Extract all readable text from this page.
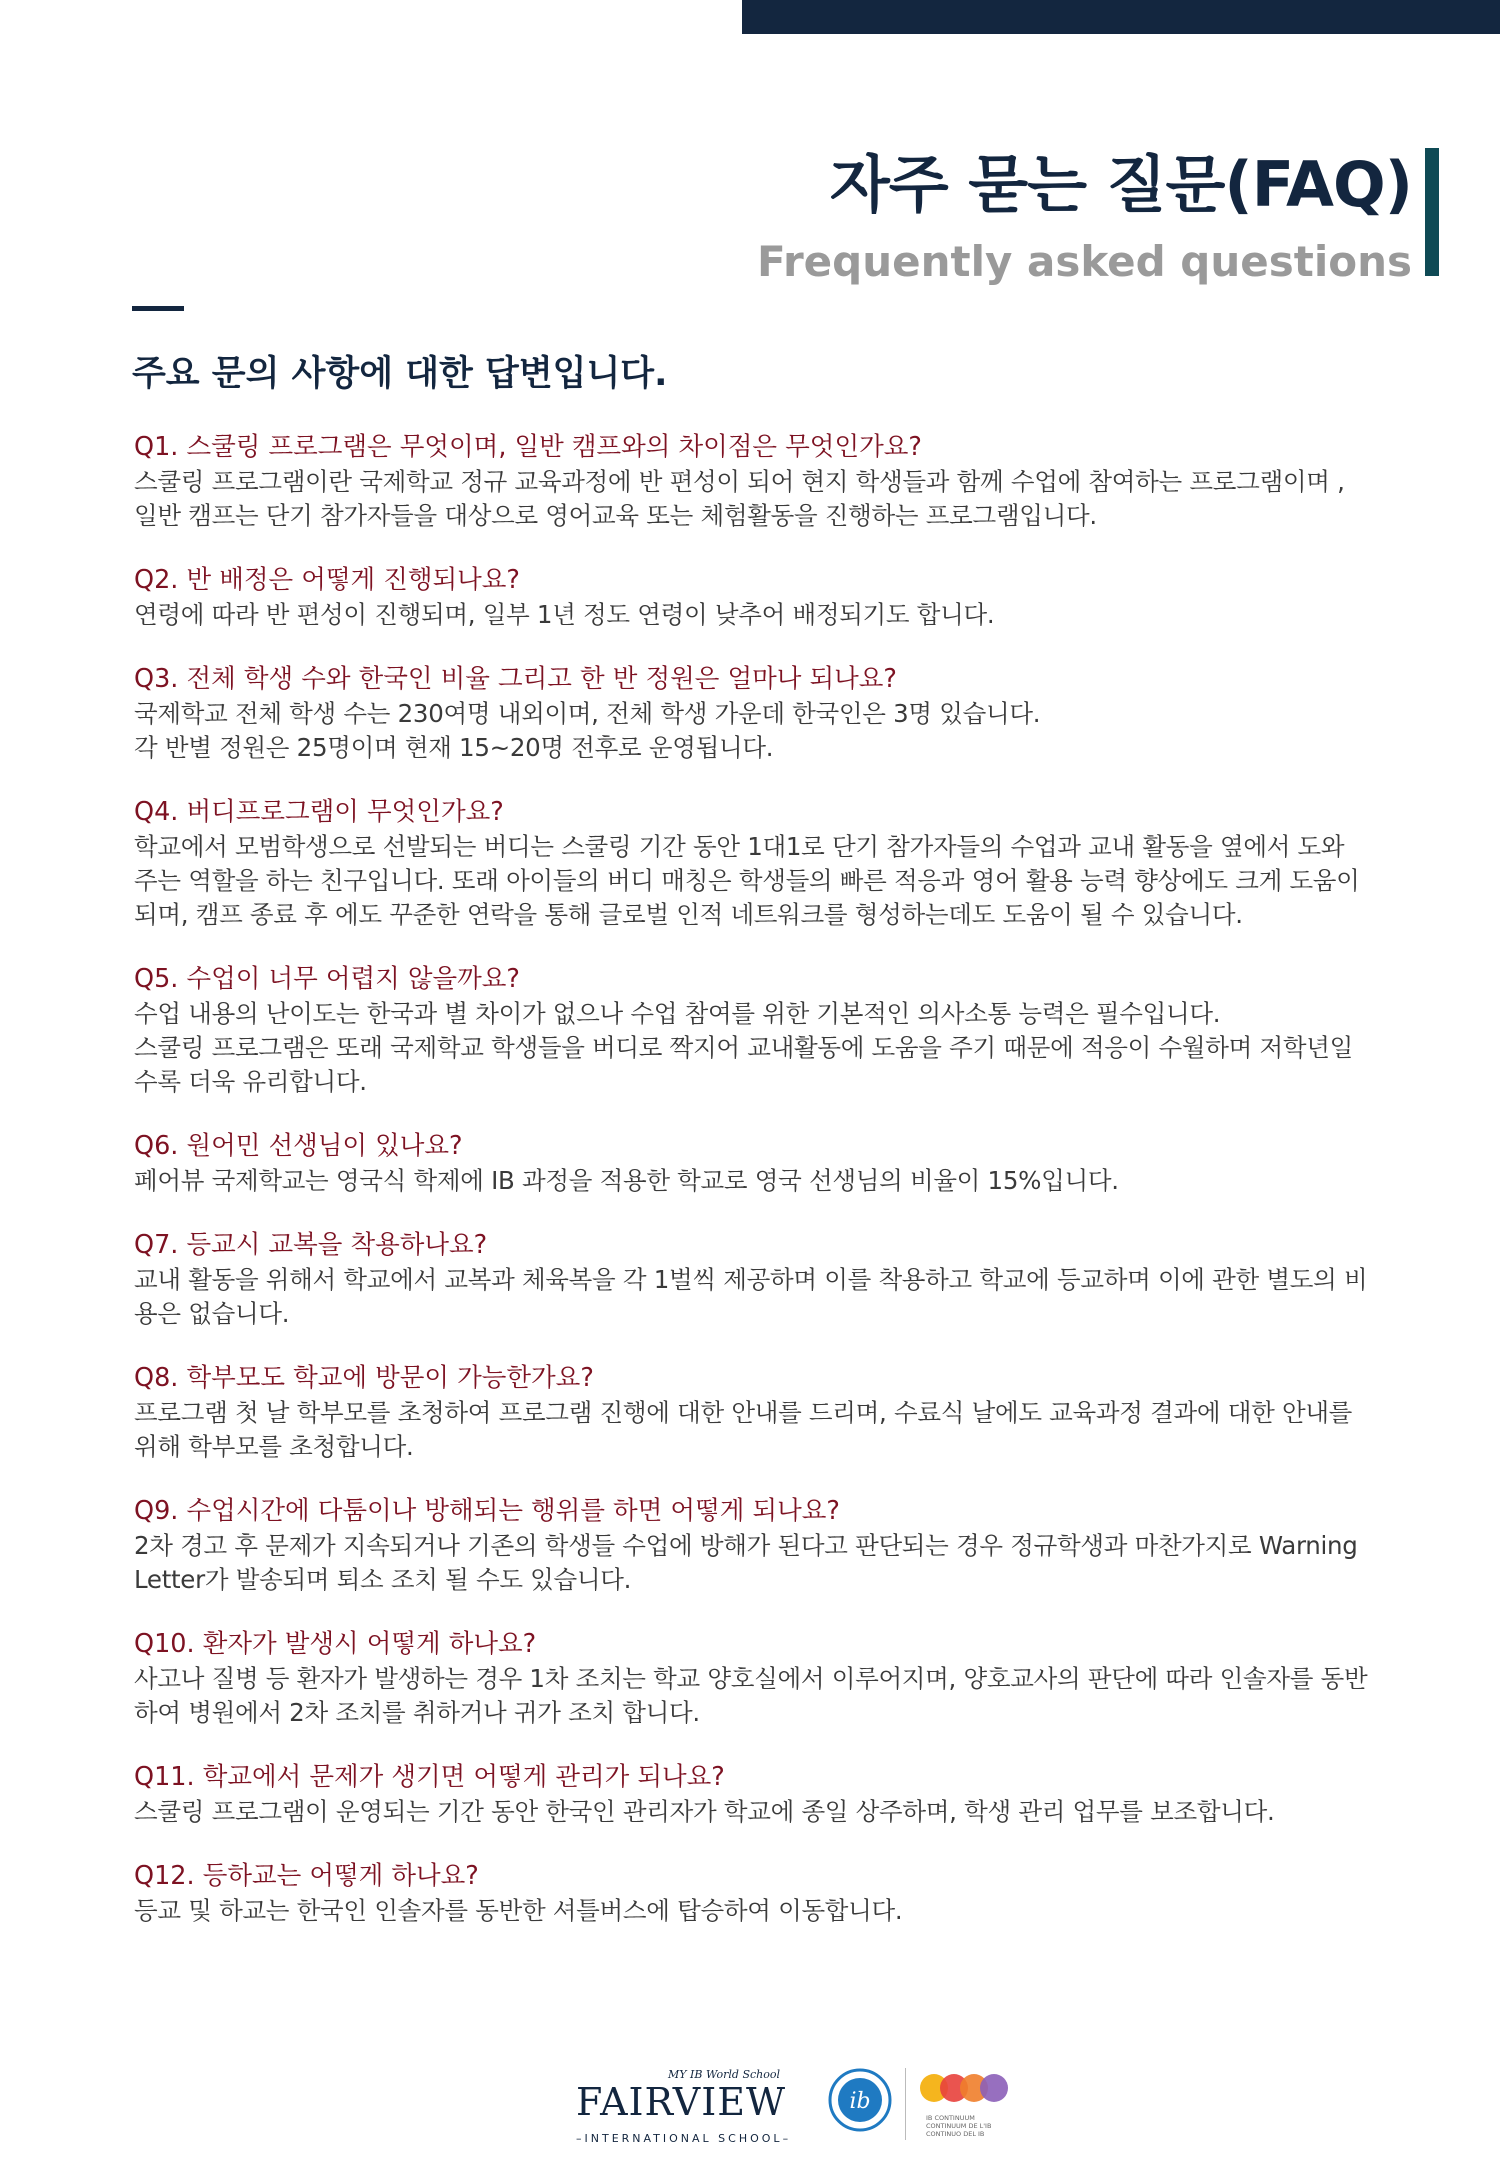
자주 묻는 질문(FAQ)
Frequently asked questions
주요 문의 사항에 대한 답변입니다.
Q1. 스쿨링 프로그램은 무엇이며, 일반 캠프와의 차이점은 무엇인가요?
스쿨링 프로그램이란 국제학교 정규 교육과정에 반 편성이 되어 현지 학생들과 함께 수업에 참여하는 프로그램이며 ,
일반 캠프는 단기 참가자들을 대상으로 영어교육 또는 체험활동을 진행하는 프로그램입니다.
Q2. 반 배정은 어떻게 진행되나요?
연령에 따라 반 편성이 진행되며, 일부 1년 정도 연령이 낮추어 배정되기도 합니다.
Q3. 전체 학생 수와 한국인 비율 그리고 한 반 정원은 얼마나 되나요?
국제학교 전체 학생 수는 230여명 내외이며, 전체 학생 가운데 한국인은 3명 있습니다.
각 반별 정원은 25명이며 현재 15~20명 전후로 운영됩니다.
Q4. 버디프로그램이 무엇인가요?
학교에서 모범학생으로 선발되는 버디는 스쿨링 기간 동안 1대1로 단기 참가자들의 수업과 교내 활동을 옆에서 도와
주는 역할을 하는 친구입니다. 또래 아이들의 버디 매칭은 학생들의 빠른 적응과 영어 활용 능력 향상에도 크게 도움이
되며, 캠프 종료 후 에도 꾸준한 연락을 통해 글로벌 인적 네트워크를 형성하는데도 도움이 될 수 있습니다.
Q5. 수업이 너무 어렵지 않을까요?
수업 내용의 난이도는 한국과 별 차이가 없으나 수업 참여를 위한 기본적인 의사소통 능력은 필수입니다.
스쿨링 프로그램은 또래 국제학교 학생들을 버디로 짝지어 교내활동에 도움을 주기 때문에 적응이 수월하며 저학년일
수록 더욱 유리합니다.
Q6. 원어민 선생님이 있나요?
페어뷰 국제학교는 영국식 학제에 IB 과정을 적용한 학교로 영국 선생님의 비율이 15%입니다.
Q7. 등교시 교복을 착용하나요?
교내 활동을 위해서 학교에서 교복과 체육복을 각 1벌씩 제공하며 이를 착용하고 학교에 등교하며 이에 관한 별도의 비
용은 없습니다.
Q8. 학부모도 학교에 방문이 가능한가요?
프로그램 첫 날 학부모를 초청하여 프로그램 진행에 대한 안내를 드리며, 수료식 날에도 교육과정 결과에 대한 안내를
위해 학부모를 초청합니다.
Q9. 수업시간에 다툼이나 방해되는 행위를 하면 어떻게 되나요?
2차 경고 후 문제가 지속되거나 기존의 학생들 수업에 방해가 된다고 판단되는 경우 정규학생과 마찬가지로 Warning
Letter가 발송되며 퇴소 조치 될 수도 있습니다.
Q10. 환자가 발생시 어떻게 하나요?
사고나 질병 등 환자가 발생하는 경우 1차 조치는 학교 양호실에서 이루어지며, 양호교사의 판단에 따라 인솔자를 동반
하여 병원에서 2차 조치를 취하거나 귀가 조치 합니다.
Q11. 학교에서 문제가 생기면 어떻게 관리가 되나요?
스쿨링 프로그램이 운영되는 기간 동안 한국인 관리자가 학교에 종일 상주하며, 학생 관리 업무를 보조합니다.
Q12. 등하교는 어떻게 하나요?
등교 및 하교는 한국인 인솔자를 동반한 셔틀버스에 탑승하여 이동합니다.
MY IB World School
FAIRVIEW
–INTERNATIONAL SCHOOL–
ib
IB CONTINUUM
CONTINUUM DE L'IB
CONTINUO DEL IB
